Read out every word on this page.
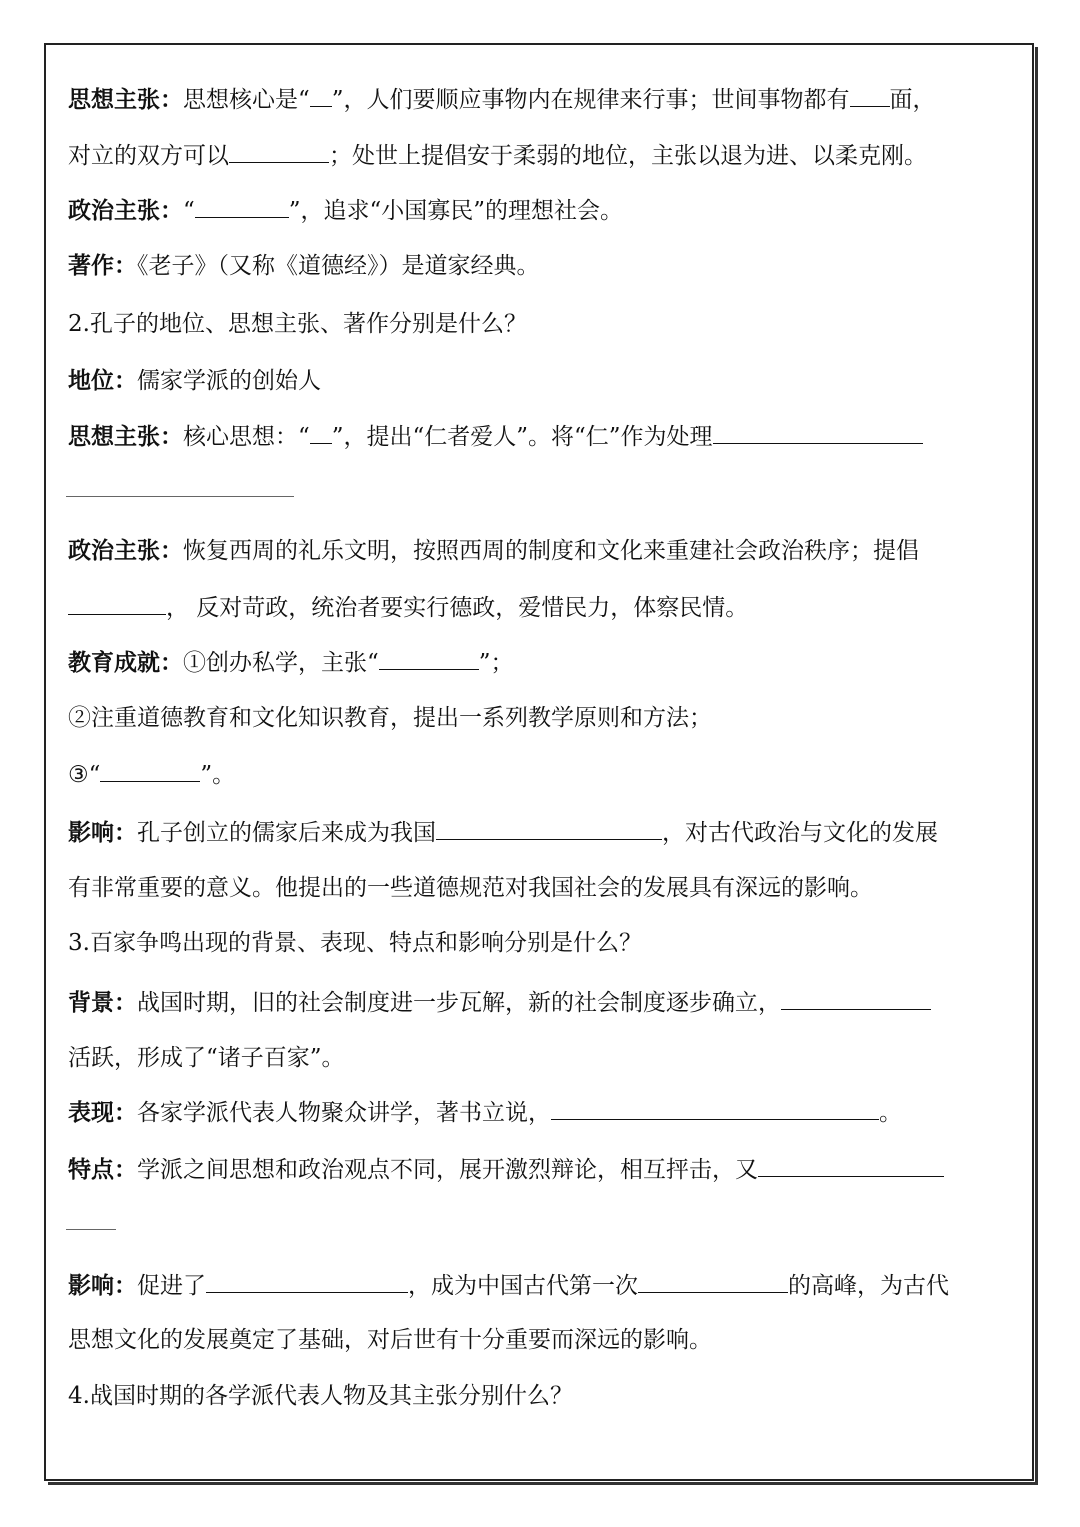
思想主张：思想核心是“ ”，人们要顺应事物内在规律来行事；世间事物都有 面，
对立的双方可以	；处世上提倡安于柔弱的地位，主张以退为进、以柔克刚。
政治主张：“	”，追求“小国寡民”的理想社会。
著作：《老子》（又称《道德经》）是道家经典。
2.孔子的地位、思想主张、著作分别是什么？
地位：儒家学派的创始人
思想主张：核心思想：“ ”，提出“仁者爱人”。将“仁”作为处理
政治主张：恢复西周的礼乐文明，按照西周的制度和文化来重建社会政治秩序；提倡
， 反对苛政，统治者要实行德政，爱惜民力，体察民情。
教育成就：①创办私学，主张“	”；
②注重道德教育和文化知识教育，提出一系列教学原则和方法；
③“	”。
影响：孔子创立的儒家后来成为我国	，对古代政治与文化的发展
有非常重要的意义。他提出的一些道德规范对我国社会的发展具有深远的影响。
3.百家争鸣出现的背景、表现、特点和影响分别是什么？
背景：战国时期，旧的社会制度进一步瓦解，新的社会制度逐步确立，
活跃，形成了“诸子百家”。
表现：各家学派代表人物聚众讲学，著书立说，	。
特点：学派之间思想和政治观点不同，展开激烈辩论，相互抨击，又
影响：促进了	，成为中国古代第一次	的高峰，为古代
思想文化的发展奠定了基础，对后世有十分重要而深远的影响。
4.战国时期的各学派代表人物及其主张分别什么？
